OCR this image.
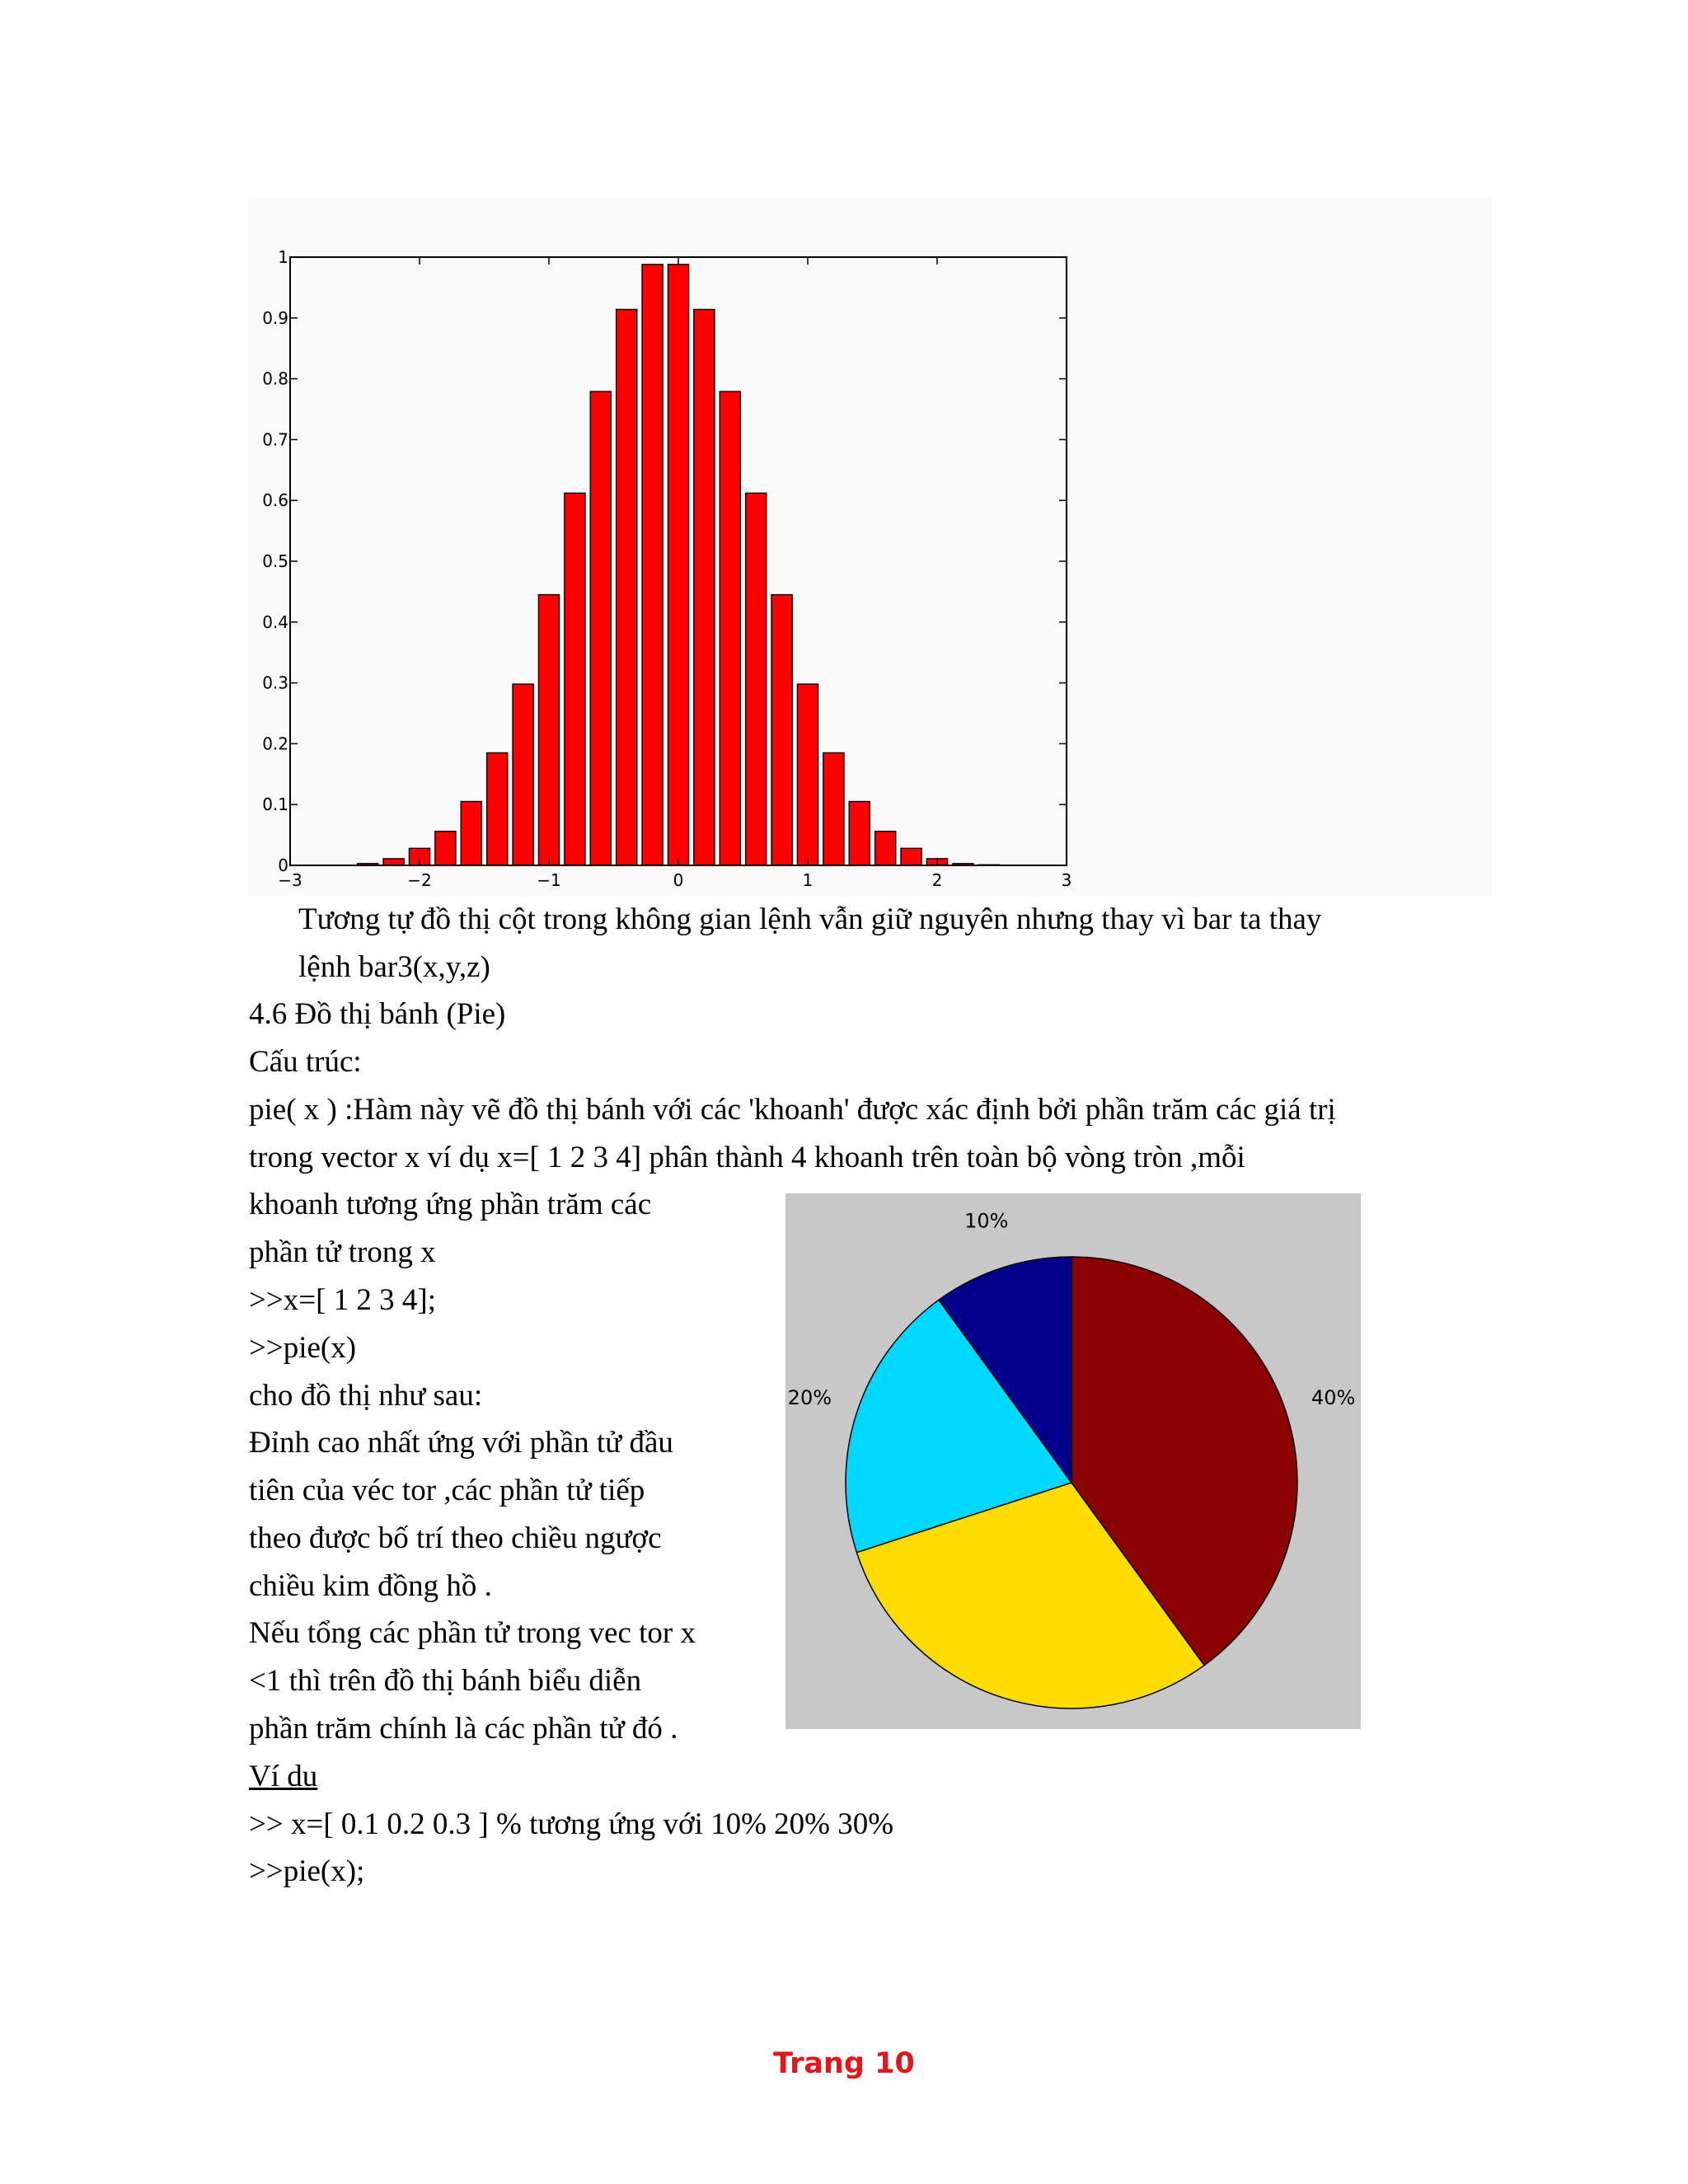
0
0.1
0.2
0.3
0.4
0.5
0.6
0.7
0.8
0.9
1
−3	−2	−1	0	1	2	3
Tương tự đồ thị cột trong không gian lệnh vẫn giữ nguyên nhưng thay vì bar ta thay
lệnh bar3(x,y,z)
4.6 Đồ thị bánh (Pie)
Cấu trúc:
pie( x ) :Hàm này vẽ đồ thị bánh với các 'khoanh' được xác định bởi phần trăm các giá trị
trong vector x ví dụ x=[ 1 2 3 4] phân thành 4 khoanh trên toàn bộ vòng tròn ,mỗi
khoanh tương ứng phần trăm các
phần tử trong x
>>x=[ 1 2 3 4];
>>pie(x)
cho đồ thị như sau:
Đỉnh cao nhất ứng với phần tử đầu
tiên của véc tor ,các phần tử tiếp
theo được bố trí theo chiều ngược
chiều kim đồng hồ .
Nếu tổng các phần tử trong vec tor x
<1 thì trên đồ thị bánh biểu diễn
phần trăm chính là các phần tử đó .
Ví du
>> x=[ 0.1 0.2 0.3 ] % tương ứng với 10% 20% 30%
>>pie(x);
40%
20%
10%
Trang 10
